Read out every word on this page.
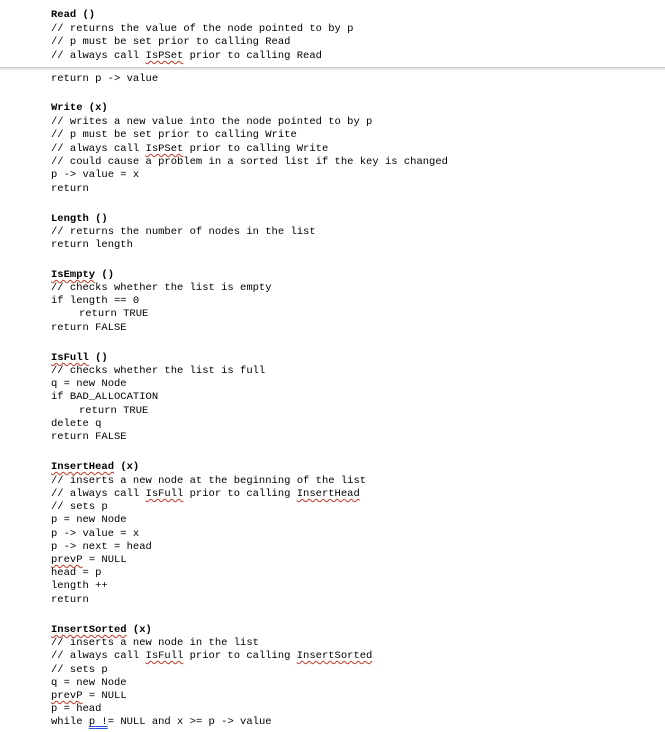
Read ()
// returns the value of the node pointed to by p
// p must be set prior to calling Read
// always call IsPSet prior to calling Read
return p -> value
Write (x)
// writes a new value into the node pointed to by p
// p must be set prior to calling Write
// always call IsPSet prior to calling Write
// could cause a problem in a sorted list if the key is changed
p -> value = x
return
Length ()
// returns the number of nodes in the list
return length
IsEmpty ()
// checks whether the list is empty
if length == 0
return TRUE
return FALSE
IsFull ()
// checks whether the list is full
q = new Node
if BAD_ALLOCATION
return TRUE
delete q
return FALSE
InsertHead (x)
// inserts a new node at the beginning of the list
// always call IsFull prior to calling InsertHead
// sets p
p = new Node
p -> value = x
p -> next = head
prevP = NULL
head = p
length ++
return
InsertSorted (x)
// inserts a new node in the list
// always call IsFull prior to calling InsertSorted
// sets p
q = new Node
prevP = NULL
p = head
while p != NULL and x >= p -> value
